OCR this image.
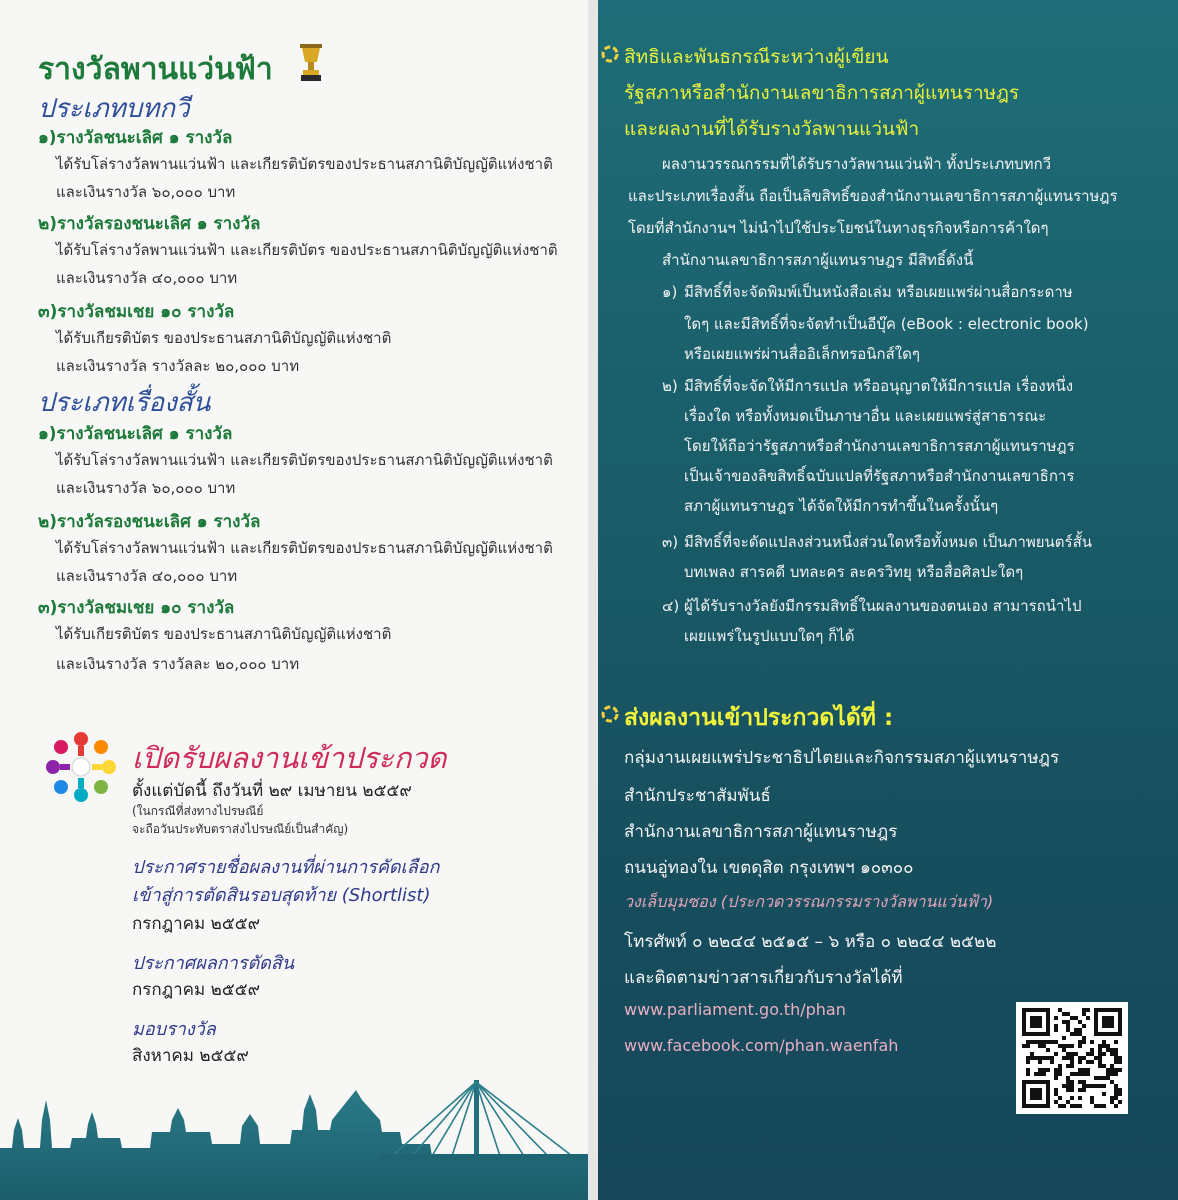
รางวัลพานแว่นฟ้า
ประเภทบทกวี
๑)รางวัลชนะเลิศ ๑ รางวัล
ได้รับโล่รางวัลพานแว่นฟ้า และเกียรติบัตรของประธานสภานิติบัญญัติแห่งชาติ
และเงินรางวัล ๖๐,๐๐๐ บาท
๒)รางวัลรองชนะเลิศ ๑ รางวัล
ได้รับโล่รางวัลพานแว่นฟ้า และเกียรติบัตร ของประธานสภานิติบัญญัติแห่งชาติ
และเงินรางวัล ๔๐,๐๐๐ บาท
๓)รางวัลชมเชย ๑๐ รางวัล
ได้รับเกียรติบัตร ของประธานสภานิติบัญญัติแห่งชาติ
และเงินรางวัล รางวัลละ ๒๐,๐๐๐ บาท
ประเภทเรื่องสั้น
๑)รางวัลชนะเลิศ ๑ รางวัล
ได้รับโล่รางวัลพานแว่นฟ้า และเกียรติบัตรของประธานสภานิติบัญญัติแห่งชาติ
และเงินรางวัล ๖๐,๐๐๐ บาท
๒)รางวัลรองชนะเลิศ ๑ รางวัล
ได้รับโล่รางวัลพานแว่นฟ้า และเกียรติบัตรของประธานสภานิติบัญญัติแห่งชาติ
และเงินรางวัล ๔๐,๐๐๐ บาท
๓)รางวัลชมเชย ๑๐ รางวัล
ได้รับเกียรติบัตร ของประธานสภานิติบัญญัติแห่งชาติ
และเงินรางวัล รางวัลละ ๒๐,๐๐๐ บาท
เปิดรับผลงานเข้าประกวด
ตั้งแต่บัดนี้ ถึงวันที่ ๒๙ เมษายน ๒๕๕๙
(ในกรณีที่ส่งทางไปรษณีย์
จะถือวันประทับตราส่งไปรษณีย์เป็นสำคัญ)
ประกาศรายชื่อผลงานที่ผ่านการคัดเลือก
เข้าสู่การตัดสินรอบสุดท้าย (Shortlist)
กรกฎาคม ๒๕๕๙
ประกาศผลการตัดสิน
กรกฎาคม ๒๕๕๙
มอบรางวัล
สิงหาคม ๒๕๕๙
สิทธิและพันธกรณีระหว่างผู้เขียน
รัฐสภาหรือสำนักงานเลขาธิการสภาผู้แทนราษฎร
และผลงานที่ได้รับรางวัลพานแว่นฟ้า
ผลงานวรรณกรรมที่ได้รับรางวัลพานแว่นฟ้า ทั้งประเภทบทกวี
และประเภทเรื่องสั้น ถือเป็นลิขสิทธิ์ของสำนักงานเลขาธิการสภาผู้แทนราษฎร
โดยที่สำนักงานฯ ไม่นำไปใช้ประโยชน์ในทางธุรกิจหรือการค้าใดๆ
สำนักงานเลขาธิการสภาผู้แทนราษฎร มีสิทธิ์ดังนี้
๑) มีสิทธิ์ที่จะจัดพิมพ์เป็นหนังสือเล่ม หรือเผยแพร่ผ่านสื่อกระดาษ
ใดๆ และมีสิทธิ์ที่จะจัดทำเป็นอีบุ๊ค (eBook : electronic book)
หรือเผยแพร่ผ่านสื่ออิเล็กทรอนิกส์ใดๆ
๒) มีสิทธิ์ที่จะจัดให้มีการแปล หรืออนุญาตให้มีการแปล เรื่องหนึ่ง
เรื่องใด หรือทั้งหมดเป็นภาษาอื่น และเผยแพร่สู่สาธารณะ
โดยให้ถือว่ารัฐสภาหรือสำนักงานเลขาธิการสภาผู้แทนราษฎร
เป็นเจ้าของลิขสิทธิ์ฉบับแปลที่รัฐสภาหรือสำนักงานเลขาธิการ
สภาผู้แทนราษฎร ได้จัดให้มีการทำขึ้นในครั้งนั้นๆ
๓) มีสิทธิ์ที่จะดัดแปลงส่วนหนึ่งส่วนใดหรือทั้งหมด เป็นภาพยนตร์สั้น
บทเพลง สารคดี บทละคร ละครวิทยุ หรือสื่อศิลปะใดๆ
๔) ผู้ได้รับรางวัลยังมีกรรมสิทธิ์ในผลงานของตนเอง สามารถนำไป
เผยแพร่ในรูปแบบใดๆ ก็ได้
ส่งผลงานเข้าประกวดได้ที่ :
กลุ่มงานเผยแพร่ประชาธิปไตยและกิจกรรมสภาผู้แทนราษฎร
สำนักประชาสัมพันธ์
สำนักงานเลขาธิการสภาผู้แทนราษฎร
ถนนอู่ทองใน เขตดุสิต กรุงเทพฯ ๑๐๓๐๐
วงเล็บมุมซอง (ประกวดวรรณกรรมรางวัลพานแว่นฟ้า)
โทรศัพท์ ๐ ๒๒๔๔ ๒๕๑๕ – ๖ หรือ ๐ ๒๒๔๔ ๒๕๒๒
และติดตามข่าวสารเกี่ยวกับรางวัลได้ที่
www.parliament.go.th/phan
www.facebook.com/phan.waenfah
